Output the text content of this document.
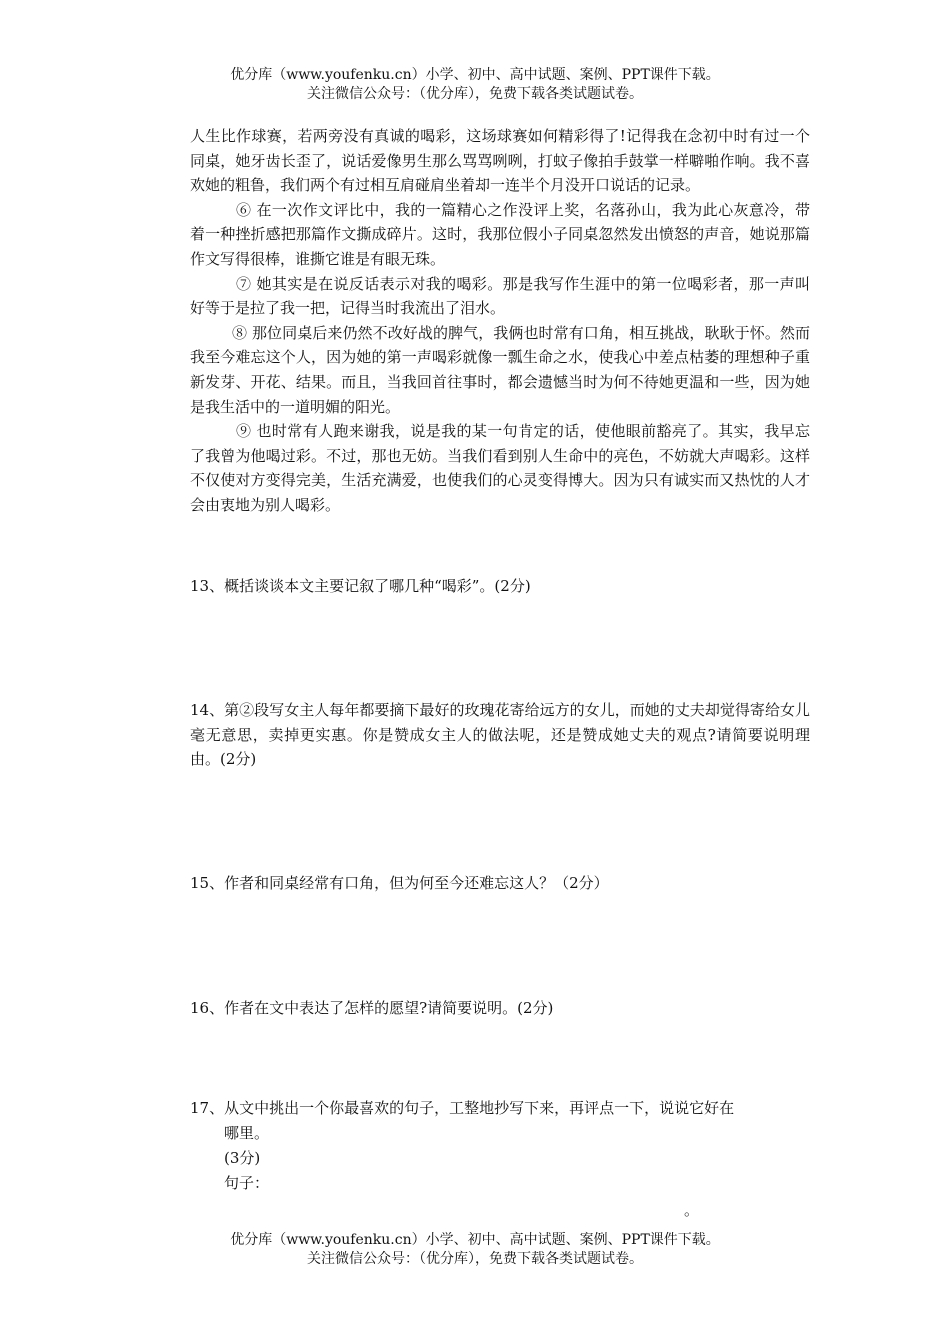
优分库（www.youfenku.cn）小学、初中、高中试题、案例、PPT课件下载。
关注微信公众号：（优分库），免费下载各类试题试卷。

人生比作球赛，若两旁没有真诚的喝彩，这场球赛如何精彩得了!记得我在念初中时有过一个同桌，她牙齿长歪了，说话爱像男生那么骂骂咧咧，打蚊子像拍手鼓掌一样噼啪作响。我不喜欢她的粗鲁，我们两个有过相互肩碰肩坐着却一连半个月没开口说话的记录。

⑥ 在一次作文评比中，我的一篇精心之作没评上奖，名落孙山，我为此心灰意冷，带着一种挫折感把那篇作文撕成碎片。这时，我那位假小子同桌忽然发出愤怒的声音，她说那篇作文写得很棒，谁撕它谁是有眼无珠。

⑦ 她其实是在说反话表示对我的喝彩。那是我写作生涯中的第一位喝彩者，那一声叫好等于是拉了我一把，记得当时我流出了泪水。

⑧ 那位同桌后来仍然不改好战的脾气，我俩也时常有口角，相互挑战，耿耿于怀。然而我至今难忘这个人，因为她的第一声喝彩就像一瓢生命之水，使我心中差点枯萎的理想种子重新发芽、开花、结果。而且，当我回首往事时，都会遗憾当时为何不待她更温和一些，因为她是我生活中的一道明媚的阳光。

⑨ 也时常有人跑来谢我，说是我的某一句肯定的话，使他眼前豁亮了。其实，我早忘了我曾为他喝过彩。不过，那也无妨。当我们看到别人生命中的亮色，不妨就大声喝彩。这样不仅使对方变得完美，生活充满爱，也使我们的心灵变得博大。因为只有诚实而又热忱的人才会由衷地为别人喝彩。

13、概括谈谈本文主要记叙了哪几种“喝彩”。(2分)

14、第②段写女主人每年都要摘下最好的玫瑰花寄给远方的女儿，而她的丈夫却觉得寄给女儿毫无意思，卖掉更实惠。你是赞成女主人的做法呢，还是赞成她丈夫的观点?请简要说明理由。(2分)

15、作者和同桌经常有口角，但为何至今还难忘这人？（2分）

16、作者在文中表达了怎样的愿望?请简要说明。(2分)

17、从文中挑出一个你最喜欢的句子，工整地抄写下来，再评点一下，说说它好在

哪里。

(3分)

句子：

。
优分库（www.youfenku.cn）小学、初中、高中试题、案例、PPT课件下载。
关注微信公众号：（优分库），免费下载各类试题试卷。
